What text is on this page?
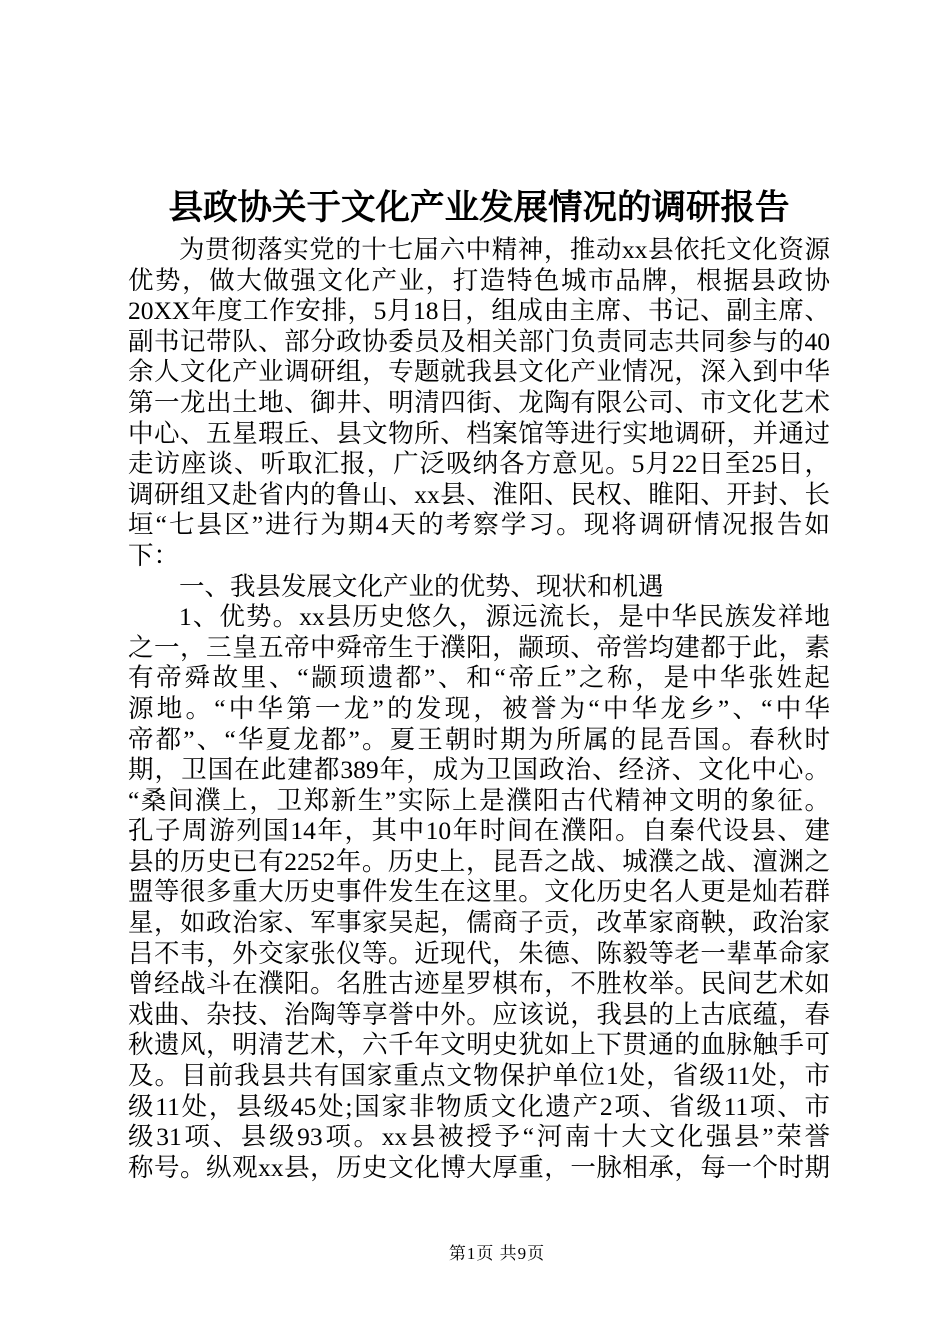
县政协关于文化产业发展情况的调研报告
为贯彻落实党的十七届六中精神，推动xx县依托文化资源
优势，做大做强文化产业，打造特色城市品牌，根据县政协
20XX年度工作安排，5月18日，组成由主席、书记、副主席、
副书记带队、部分政协委员及相关部门负责同志共同参与的40
余人文化产业调研组，专题就我县文化产业情况，深入到中华
第一龙出土地、御井、明清四街、龙陶有限公司、市文化艺术
中心、五星瑕丘、县文物所、档案馆等进行实地调研，并通过
走访座谈、听取汇报，广泛吸纳各方意见。5月22日至25日，
调研组又赴省内的鲁山、xx县、淮阳、民权、睢阳、开封、长
垣“七县区”进行为期4天的考察学习。现将调研情况报告如
下：
一、我县发展文化产业的优势、现状和机遇
1、优势。xx县历史悠久，源远流长，是中华民族发祥地
之一，三皇五帝中舜帝生于濮阳，颛顼、帝喾均建都于此，素
有帝舜故里、“颛顼遗都”、和“帝丘”之称，是中华张姓起
源地。“中华第一龙”的发现，被誉为“中华龙乡”、“中华
帝都”、“华夏龙都”。夏王朝时期为所属的昆吾国。春秋时
期，卫国在此建都389年，成为卫国政治、经济、文化中心。
“桑间濮上，卫郑新生”实际上是濮阳古代精神文明的象征。
孔子周游列国14年，其中10年时间在濮阳。自秦代设县、建
县的历史已有2252年。历史上，昆吾之战、城濮之战、澶渊之
盟等很多重大历史事件发生在这里。文化历史名人更是灿若群
星，如政治家、军事家吴起，儒商子贡，改革家商鞅，政治家
吕不韦，外交家张仪等。近现代，朱德、陈毅等老一辈革命家
曾经战斗在濮阳。名胜古迹星罗棋布，不胜枚举。民间艺术如
戏曲、杂技、治陶等享誉中外。应该说，我县的上古底蕴，春
秋遗风，明清艺术，六千年文明史犹如上下贯通的血脉触手可
及。目前我县共有国家重点文物保护单位1处，省级11处，市
级11处，县级45处;国家非物质文化遗产2项、省级11项、市
级31项、县级93项。xx县被授予“河南十大文化强县”荣誉
称号。纵观xx县，历史文化博大厚重，一脉相承，每一个时期
第1页 共9页
